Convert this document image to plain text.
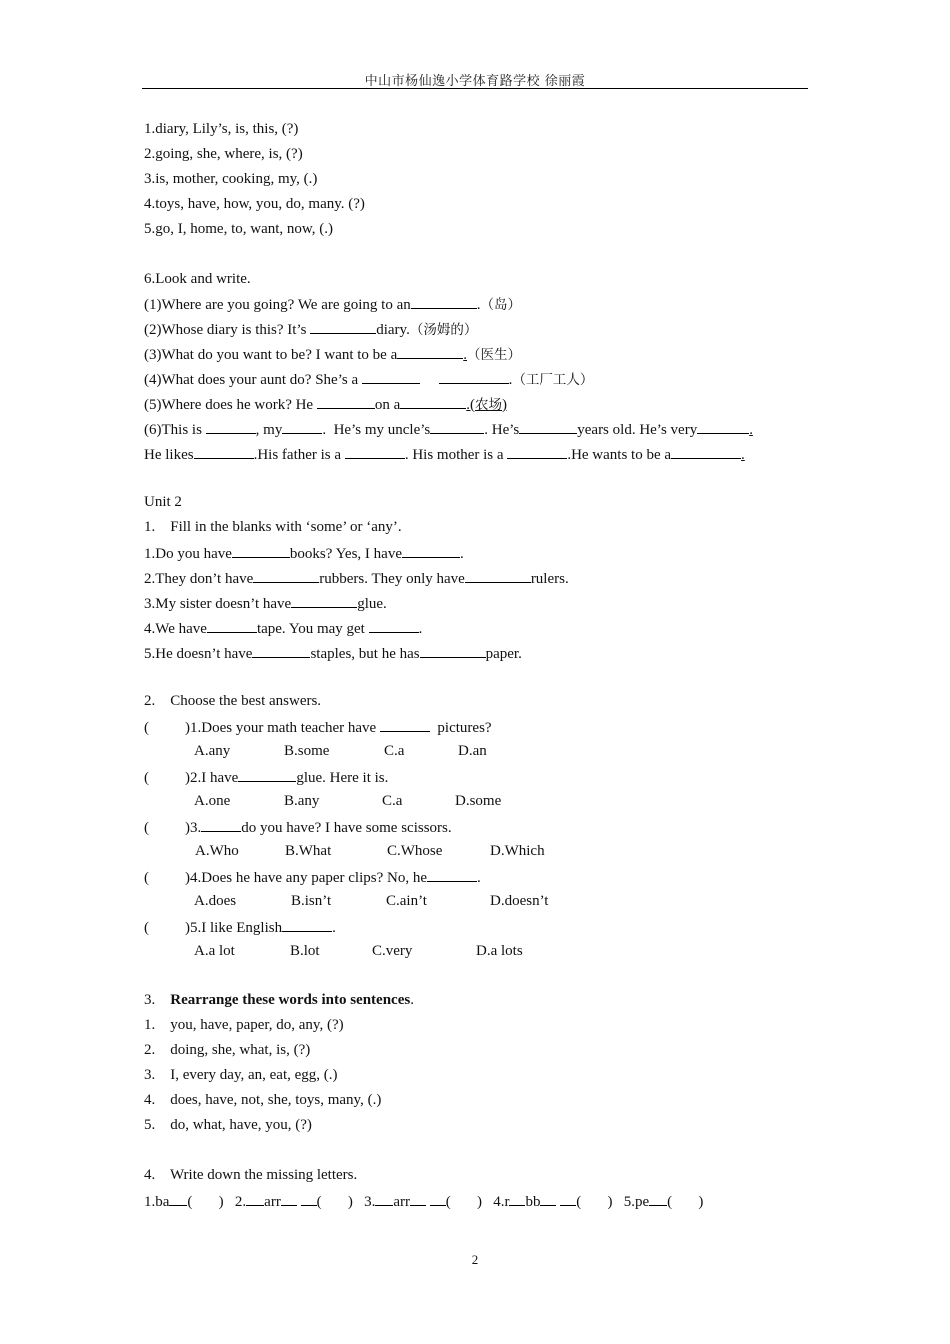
中山市杨仙逸小学体育路学校 徐丽霞
1.diary, Lily’s, is, this, (?)
2.going, she, where, is, (?)
3.is, mother, cooking, my, (.)
4.toys, have, how, you, do, many. (?)
5.go, I, home, to, want, now, (.)
6.Look and write.
(1)Where are you going? We are going to an	.（岛）
(2)Whose diary is this? It’s	diary.（汤姆的）
(3)What do you want to be? I want to be a	.（医生）
(4)What does your aunt do? She’s a	.（工厂工人）
(5)Where does he work? He	on a	.(农场)
(6)This is	, my	.  He’s my uncle’s	. He’s	years old. He’s very	.
He likes	.His father is a	. His mother is a	.He wants to be a	.
Unit 2
1.    Fill in the blanks with ‘some’ or ‘any’.
1.Do you have	books? Yes, I have	.
2.They don’t have	rubbers. They only have	rulers.
3.My sister doesn’t have	glue.
4.We have	tape. You may get	.
5.He doesn’t have	staples, but he has	paper.
2.    Choose the best answers.
( )1.Does your math teacher have	pictures?
A.any	B.some	C.a	D.an
( )2.I have	glue. Here it is.
A.one	B.any	C.a	D.some
( )3.	do you have? I have some scissors.
A.Who	B.What	C.Whose	D.Which
( )4.Does he have any paper clips? No, he	.
A.does	B.isn’t	C.ain’t	D.doesn’t
( )5.I like English	.
A.a lot	B.lot	C.very	D.a lots
3.    Rearrange these words into sentences.
1.    you, have, paper, do, any, (?)
2.    doing, she, what, is, (?)
3.    I, every day, an, eat, egg, (.)
4.    does, have, not, she, toys, many, (.)
5.    do, what, have, you, (?)
4.    Write down the missing letters.
1.ba (       )   2. arr (       )   3. arr (       )   4.r bb (       )   5.pe (       )
2
